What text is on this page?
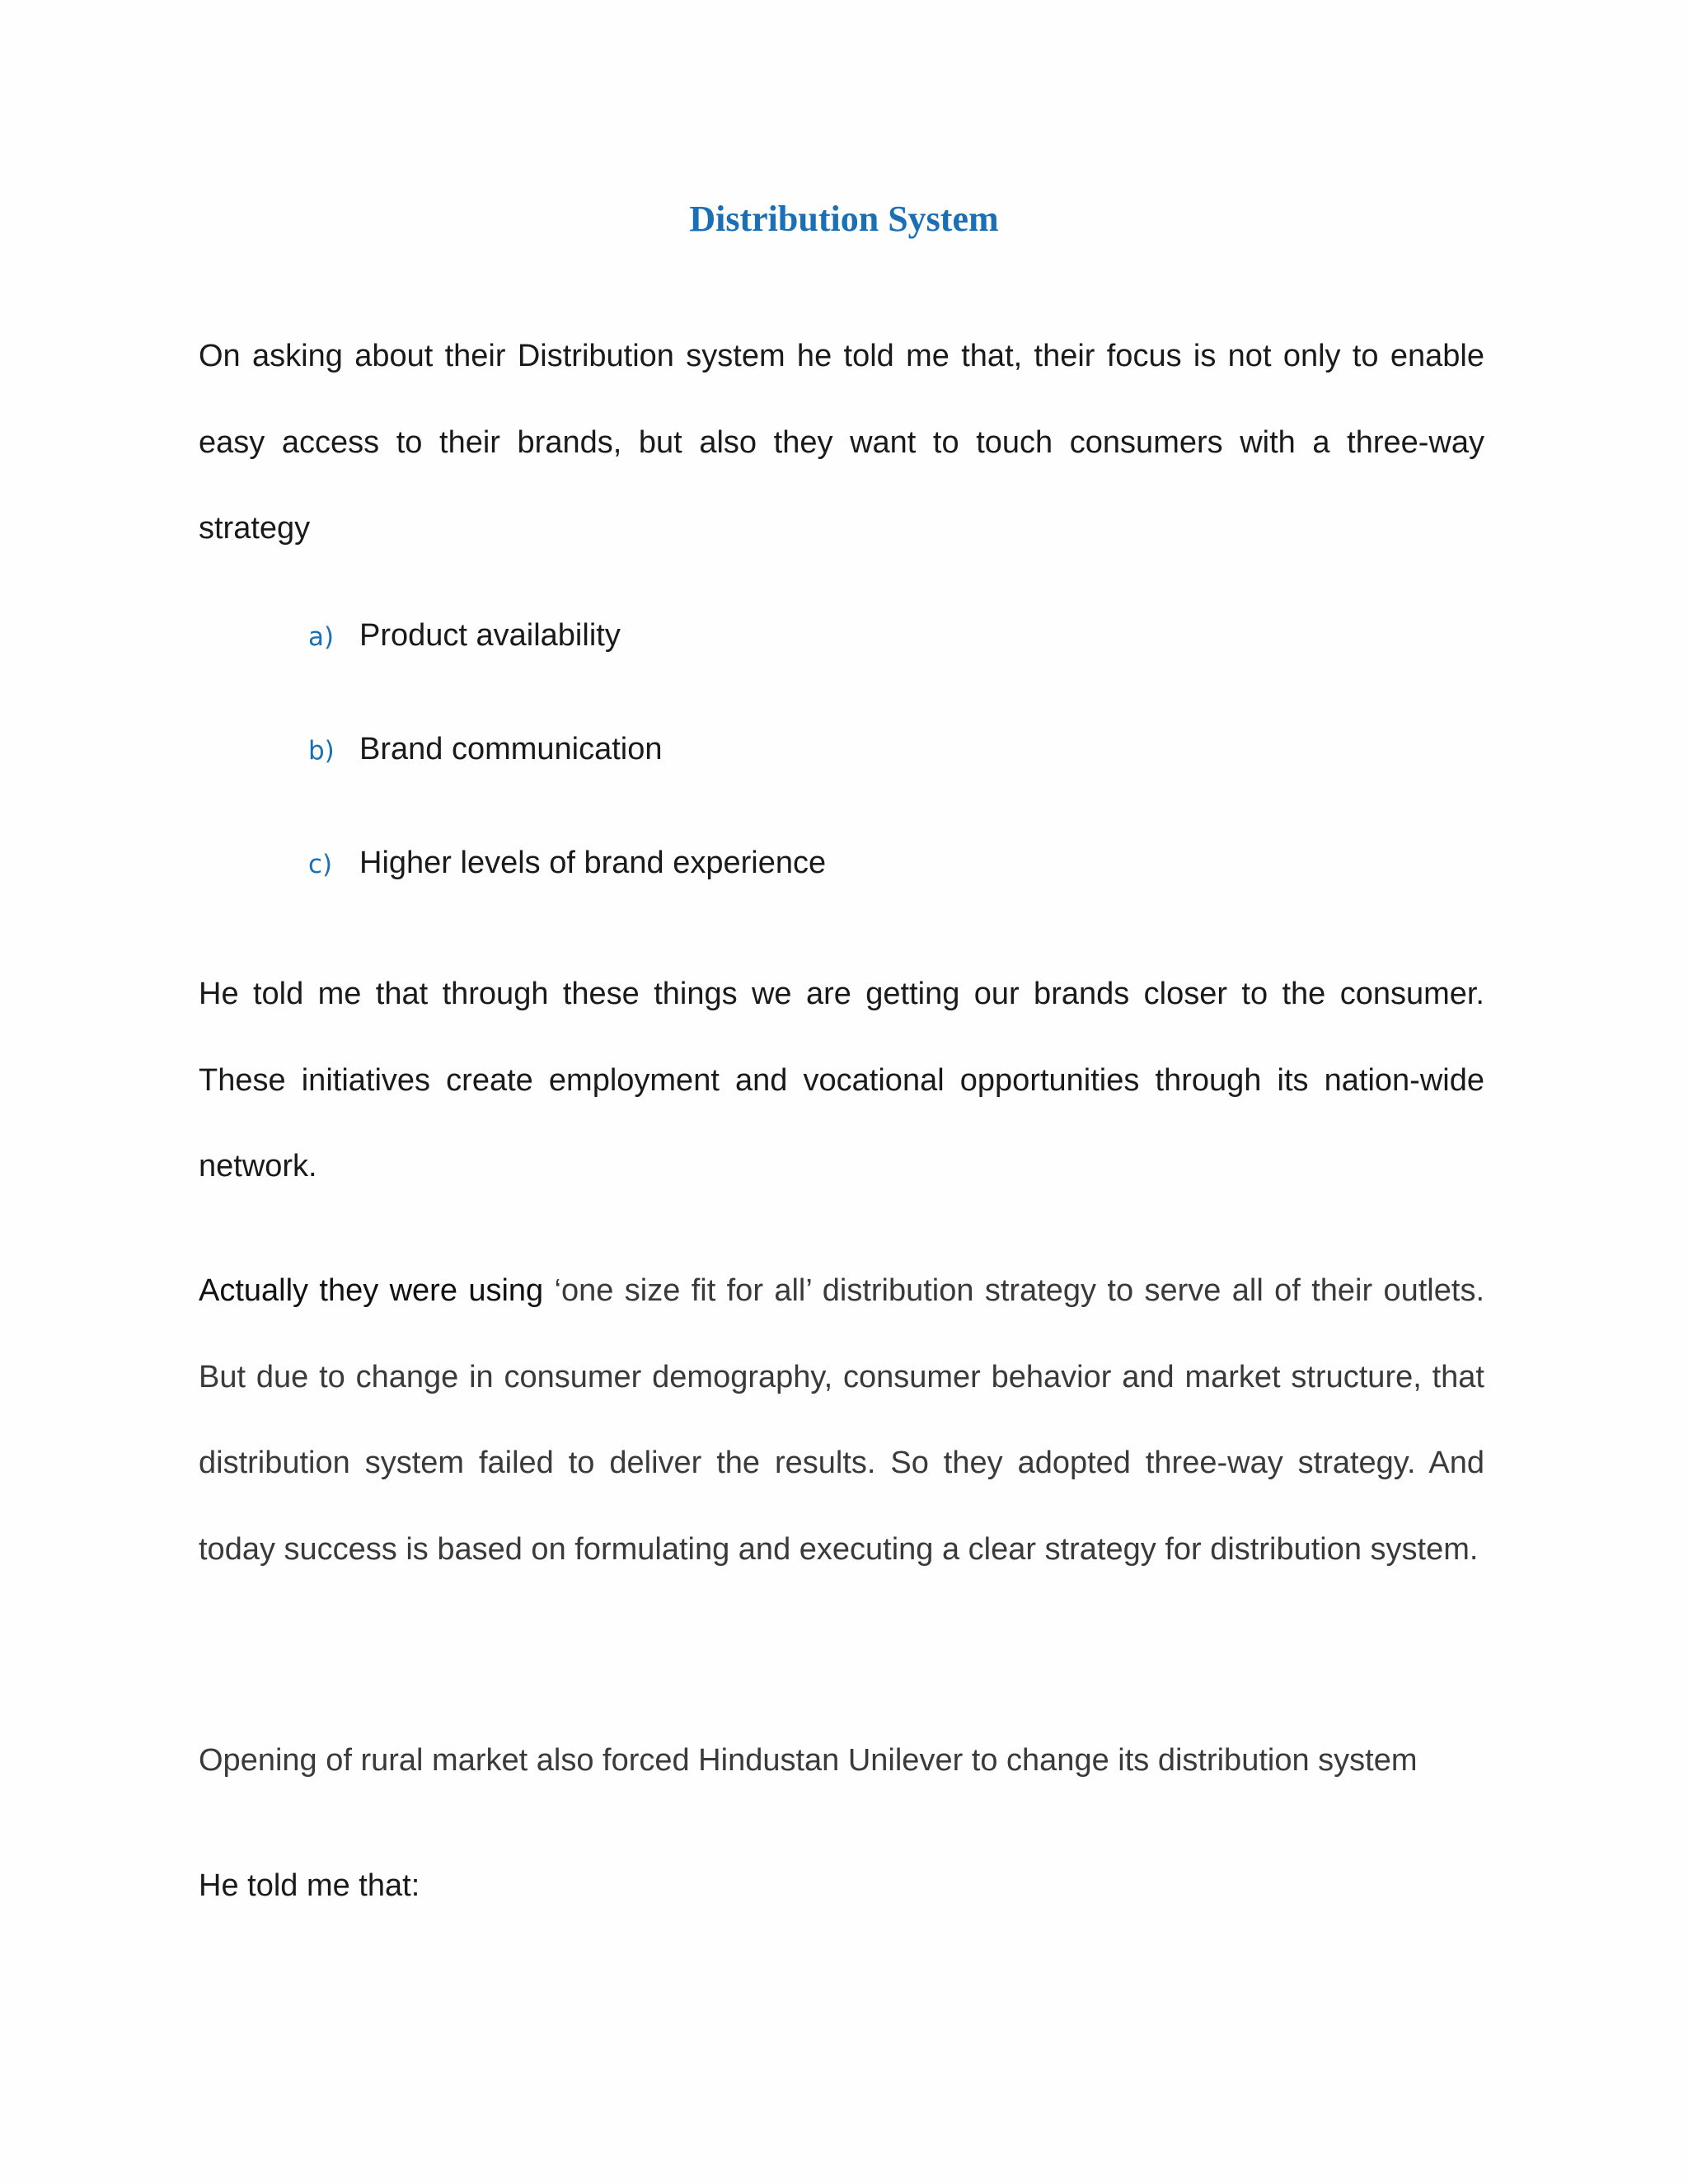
Distribution System

On asking about their Distribution system he told me that, their focus is not only to enable easy access to their brands, but also they want to touch consumers with a three-way strategy

a) Product availability
b) Brand communication
c) Higher levels of brand experience

He told me that through these things we are getting our brands closer to the consumer. These initiatives create employment and vocational opportunities through its nation-wide network.

Actually they were using ‘one size fit for all’ distribution strategy to serve all of their outlets. But due to change in consumer demography, consumer behavior and market structure, that distribution system failed to deliver the results. So they adopted three-way strategy. And today success is based on formulating and executing a clear strategy for distribution system.

Opening of rural market also forced Hindustan Unilever to change its distribution system

He told me that:
